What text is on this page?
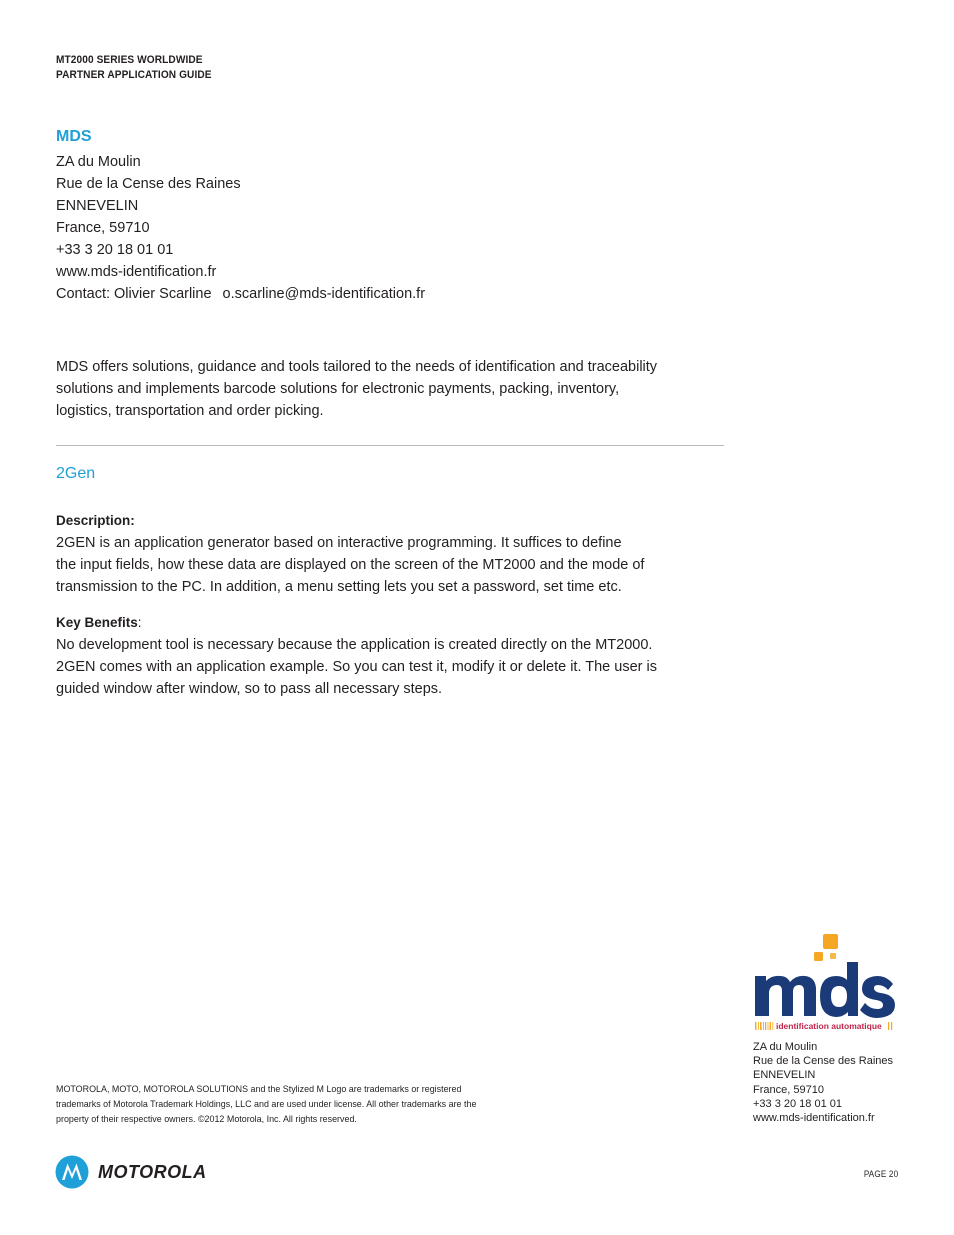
MT2000 SERIES WORLDWIDE
PARTNER APPLICATION GUIDE
MDS
ZA du Moulin
Rue de la Cense des Raines
ENNEVELIN
France, 59710
+33 3 20 18 01 01
www.mds-identification.fr
Contact: Olivier Scarline o.scarline@mds-identification.fr
MDS offers solutions, guidance and tools tailored to the needs of identification and traceability
solutions and implements barcode solutions for electronic payments, packing, inventory,
logistics, transportation and order picking.
2Gen
Description:
2GEN is an application generator based on interactive programming. It suffices to define
the input fields, how these data are displayed on the screen of the MT2000 and the mode of
transmission to the PC. In addition, a menu setting lets you set a password, set time etc.
Key Benefits:
No development tool is necessary because the application is created directly on the MT2000.
2GEN comes with an application example. So you can test it, modify it or delete it. The user is
guided window after window, so to pass all necessary steps.
identification automatique
ZA du Moulin
Rue de la Cense des Raines
ENNEVELIN
France, 59710
+33 3 20 18 01 01
www.mds-identification.fr
MOTOROLA, MOTO, MOTOROLA SOLUTIONS and the Stylized M Logo are trademarks or registered
trademarks of Motorola Trademark Holdings, LLC and are used under license. All other trademarks are the
property of their respective owners. ©2012 Motorola, Inc. All rights reserved.
MOTOROLA	PAGE 20
